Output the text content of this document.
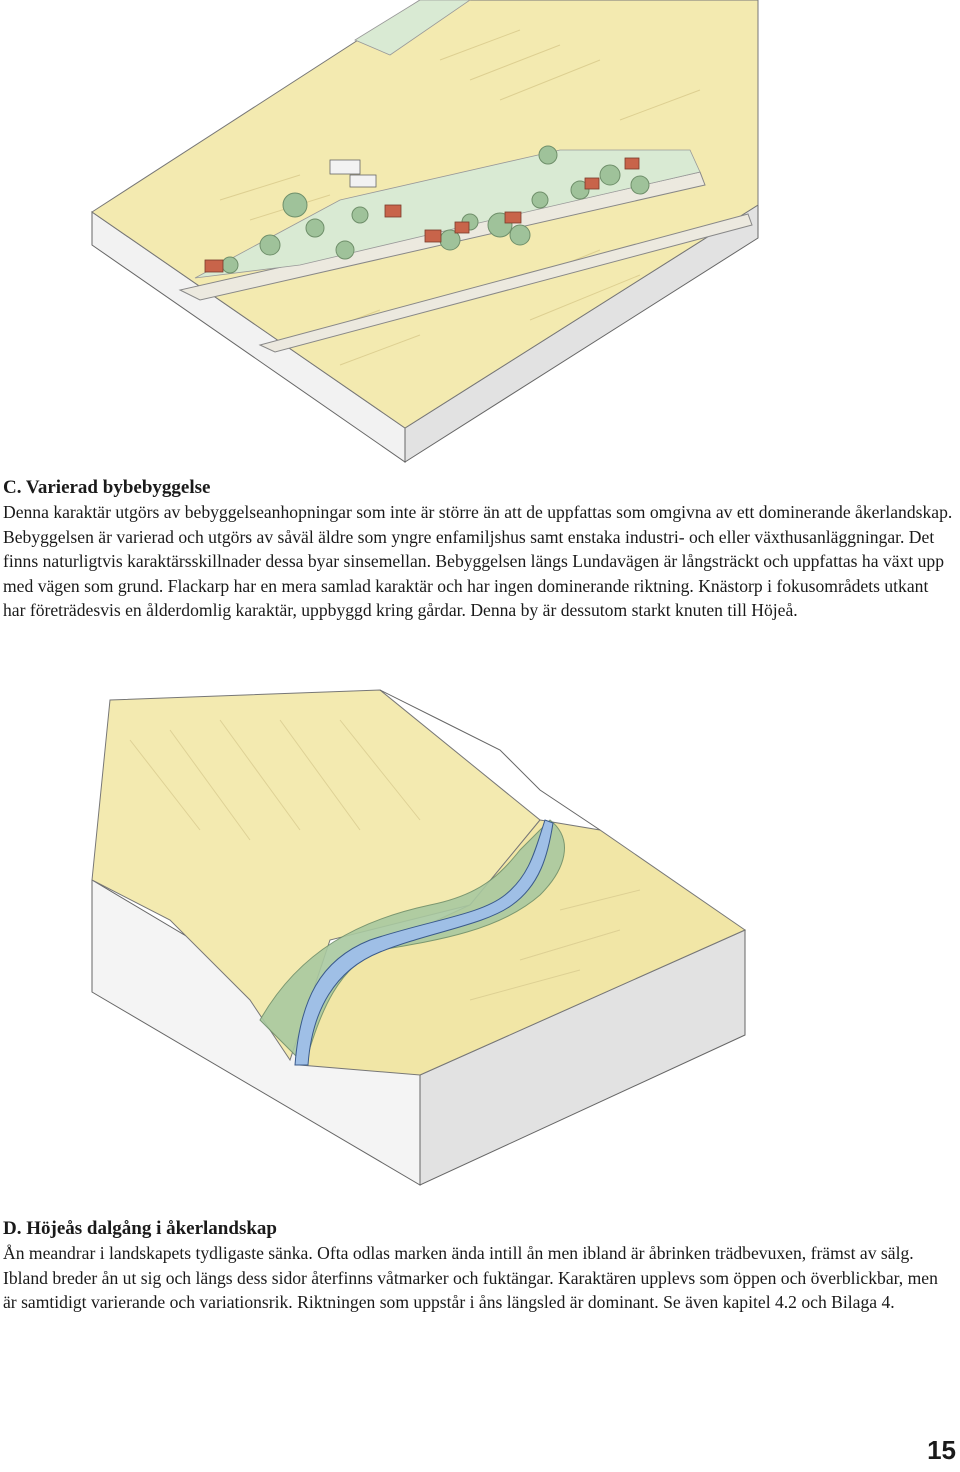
C. Varierad bybebyggelse

Denna karaktär utgörs av bebyggelseanhopningar som inte är större än att de uppfattas som omgivna av ett dominerande åkerlandskap. Bebyggelsen är varierad och utgörs av såväl äldre som yngre enfamiljshus samt enstaka industri- och eller växthusanläggningar. Det finns naturligtvis karaktärsskillnader dessa byar sinsemellan. Bebyggelsen längs Lundavägen är långsträckt och uppfattas ha växt upp med vägen som grund. Flackarp har en mera samlad karaktär och har ingen dominerande riktning. Knästorp i fokusområdets utkant har företrädesvis en ålderdomlig karaktär, uppbyggd kring gårdar. Denna by är dessutom starkt knuten till Höjeå.

D. Höjeås dalgång i åkerlandskap

Ån meandrar i landskapets tydligaste sänka. Ofta odlas marken ända intill ån men ibland är åbrinken trädbevuxen, främst av sälg. Ibland breder ån ut sig och längs dess sidor återfinns våtmarker och fuktängar. Karaktären upplevs som öppen och överblickbar, men är samtidigt varierande och variationsrik. Riktningen som uppstår i åns längsled är dominant. Se även kapitel 4.2 och Bilaga 4.

15
